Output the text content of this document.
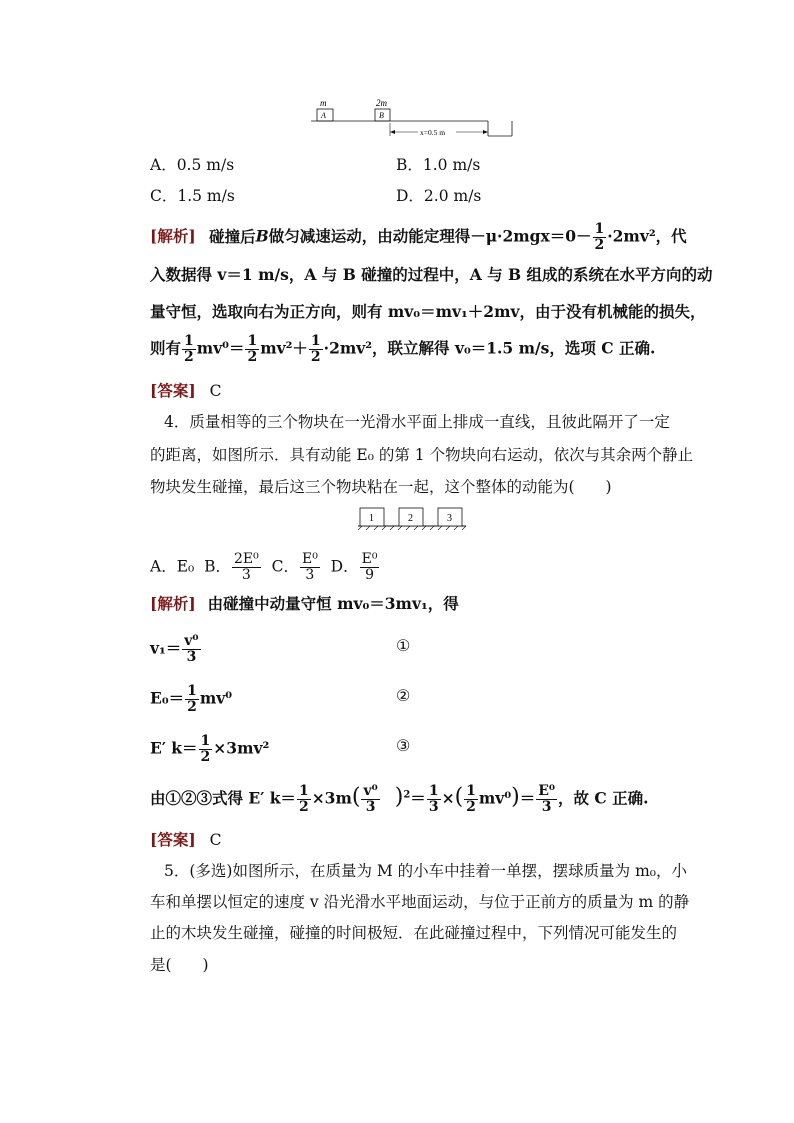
m
A
2m
B
x=0.5 m
A．0.5 m/s	B．1.0 m/s
C．1.5 m/s	D．2.0 m/s
[解析] 碰撞后B做匀减速运动，由动能定理得$-\mu\cdot 2mgx=0- \frac{1}{2} \cdot 2mv^2$，代
入数据得 v＝1 m/s，A 与 B 碰撞的过程中，A 与 B 组成的系统在水平方向的动
量守恒，选取向右为正方向，则有 mv₀＝mv₁＋2mv，由于没有机械能的损失，
则有 $\frac{1}{2} mv^0= \frac{1}{2} mv^2+ \frac{1}{2} \cdot 2mv^2$，联立解得 v₀＝1.5 m/s，选项 C 正确.
[答案] C
4．质量相等的三个物块在一光滑水平面上排成一直线，且彼此隔开了一定
的距离，如图所示．具有动能 E₀ 的第 1 个物块向右运动，依次与其余两个静止
物块发生碰撞，最后这三个物块粘在一起，这个整体的动能为(　　)
1	2	3
A．E₀ B． $\frac{\text{2E⁰}}{3}$ C． $\frac{\text{E⁰}}{3}$ D． $\frac{\text{E⁰}}{9}$
[解析] 由碰撞中动量守恒 mv₀＝3mv₁，得
$v_1= \frac{\text{v⁰}}{3}$	①
$E_0= \frac{1}{2} mv^0$	②
E′ $k= \frac{1}{2} \times 3mv^2$	③
由①②③式得 E′ $k= \frac{1}{2} \times 3m( \frac{\text{v⁰}}{3} )^2= \frac{1}{3}$ ×( $\frac{1}{2} mv^0)= \frac{\text{E⁰}}{3}$ ，故 C 正确.
[答案] C
5．(多选)如图所示，在质量为 M 的小车中挂着一单摆，摆球质量为 m₀，小
车和单摆以恒定的速度 v 沿光滑水平地面运动，与位于正前方的质量为 m 的静
止的木块发生碰撞，碰撞的时间极短．在此碰撞过程中，下列情况可能发生的
是(　　)
